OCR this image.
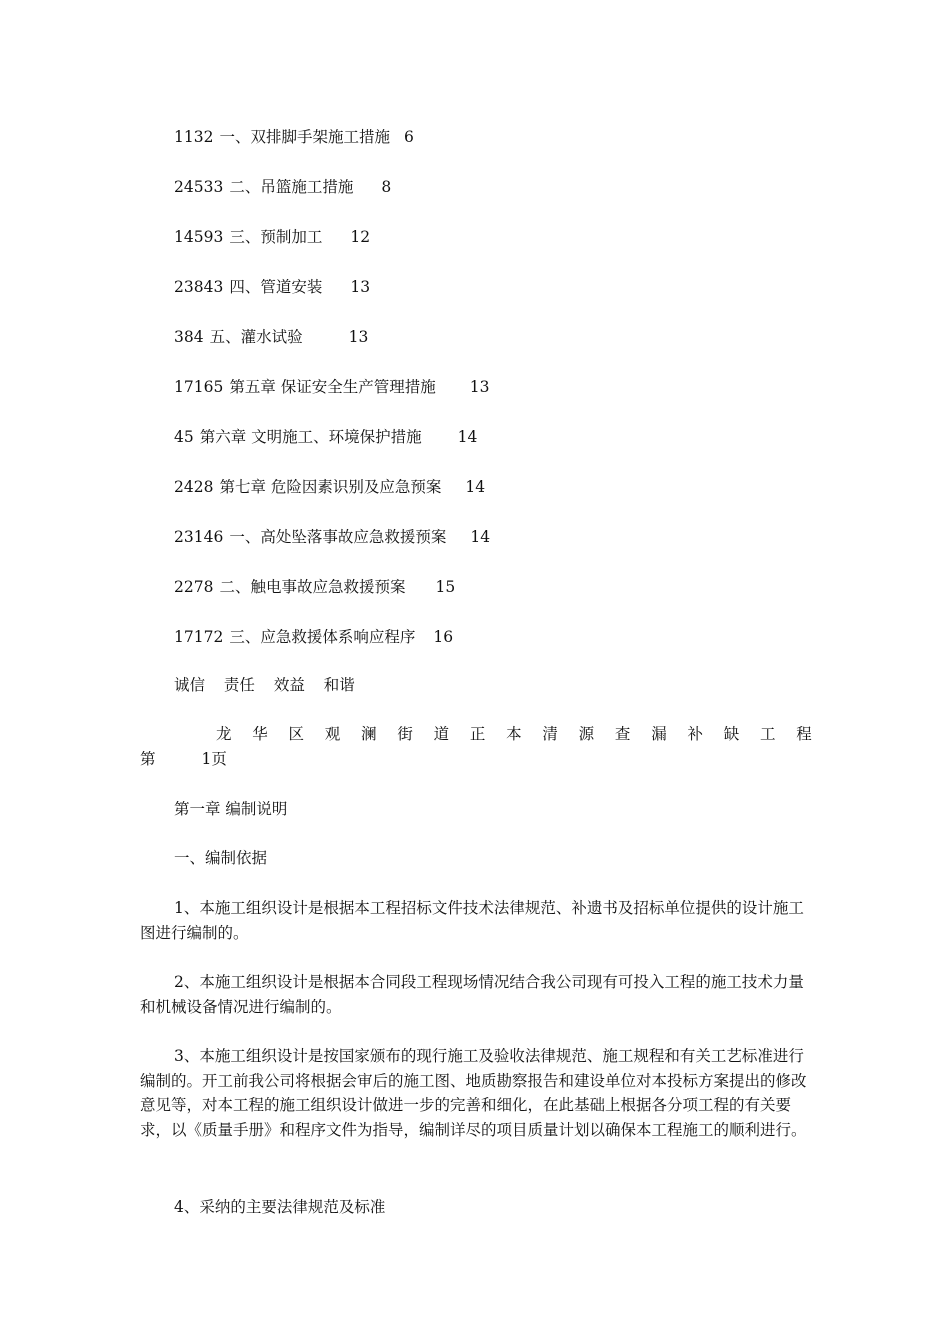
1132 一、双排脚手架施工措施 6
24533 二、吊篮施工措施 8
14593 三、预制加工 12
23843 四、管道安装 13
384 五、灌水试验	13
17165 第五章 保证安全生产管理措施 13
45 第六章 文明施工、环境保护措施 14
2428 第七章 危险因素识别及应急预案 14
23146 一、高处坠落事故应急救援预案 14
2278 二、触电事故应急救援预案 15
17172 三、应急救援体系响应程序 16
诚信 责任 效益 和谐
龙 华 区 观 澜 街 道 正 本 清 源 查 漏 补 缺 工 程
第	1页

第一章 编制说明

一、编制依据

1、本施工组织设计是根据本工程招标文件技术法律规范、补遗书及招标单位提供的设计施工图进行编制的。

2、本施工组织设计是根据本合同段工程现场情况结合我公司现有可投入工程的施工技术力量和机械设备情况进行编制的。

3、本施工组织设计是按国家颁布的现行施工及验收法律规范、施工规程和有关工艺标准进行编制的。开工前我公司将根据会审后的施工图、地质勘察报告和建设单位对本投标方案提出的修改意见等，对本工程的施工组织设计做进一步的完善和细化，在此基础上根据各分项工程的有关要求，以《质量手册》和程序文件为指导，编制详尽的项目质量计划以确保本工程施工的顺利进行。

4、采纳的主要法律规范及标准
